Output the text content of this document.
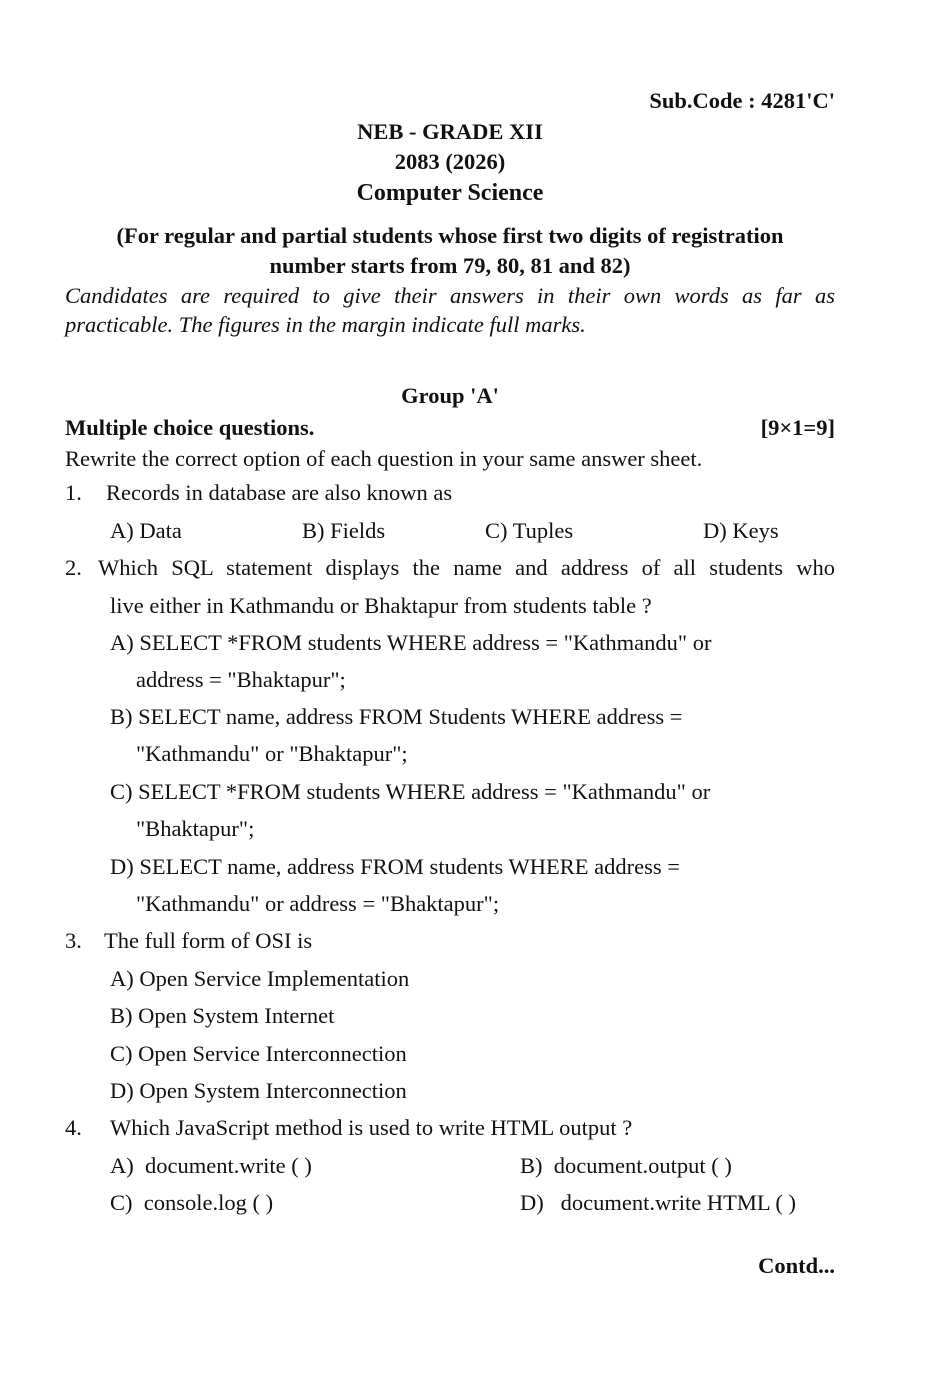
Sub.Code : 4281'C'
NEB - GRADE XII
2083 (2026)
Computer Science
(For regular and partial students whose first two digits of registration
number starts from 79, 80, 81 and 82)
Candidates are required to give their answers in their own words as far as
practicable. The figures in the margin indicate full marks.
Group 'A'
Multiple choice questions.	[9×1=9]
Rewrite the correct option of each question in your same answer sheet.
1. Records in database are also known as
A) Data	B) Fields	C) Tuples	D) Keys
2. Which SQL statement displays the name and address of all students who
live either in Kathmandu or Bhaktapur from students table ?
A) SELECT *FROM students WHERE address = "Kathmandu" or
address = "Bhaktapur";
B) SELECT name, address FROM Students WHERE address =
"Kathmandu" or "Bhaktapur";
C) SELECT *FROM students WHERE address = "Kathmandu" or
"Bhaktapur";
D) SELECT name, address FROM students WHERE address =
"Kathmandu" or address = "Bhaktapur";
3. The full form of OSI is
A) Open Service Implementation
B) Open System Internet
C) Open Service Interconnection
D) Open System Interconnection
4. Which JavaScript method is used to write HTML output ?
A)  document.write ( )	B)  document.output ( )
C)  console.log ( )	D)   document.write HTML ( )
Contd...
